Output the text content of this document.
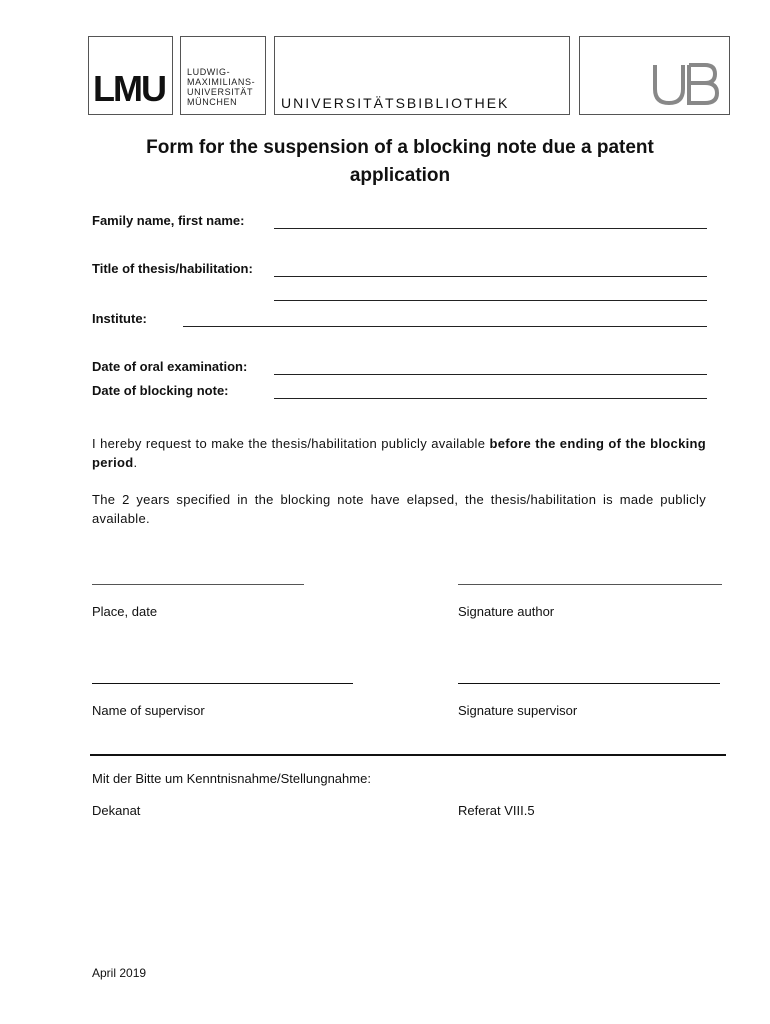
LMU LUDWIG-
MAXIMILIANS-
UNIVERSITÄT
MÜNCHEN	UNIVERSITÄTSBIBLIOTHEK
Form for the suspension of a blocking note due a patent
application
Family name, first name:
Title of thesis/habilitation:
Institute:
Date of oral examination:
Date of blocking note:
I hereby request to make the thesis/habilitation publicly available before the ending of the blocking period.
The 2 years specified in the blocking note have elapsed, the thesis/habilitation is made publicly available.
Place, date	Signature author
Name of supervisor	Signature supervisor
Mit der Bitte um Kenntnisnahme/Stellungnahme:
Dekanat	Referat VIII.5
April 2019
